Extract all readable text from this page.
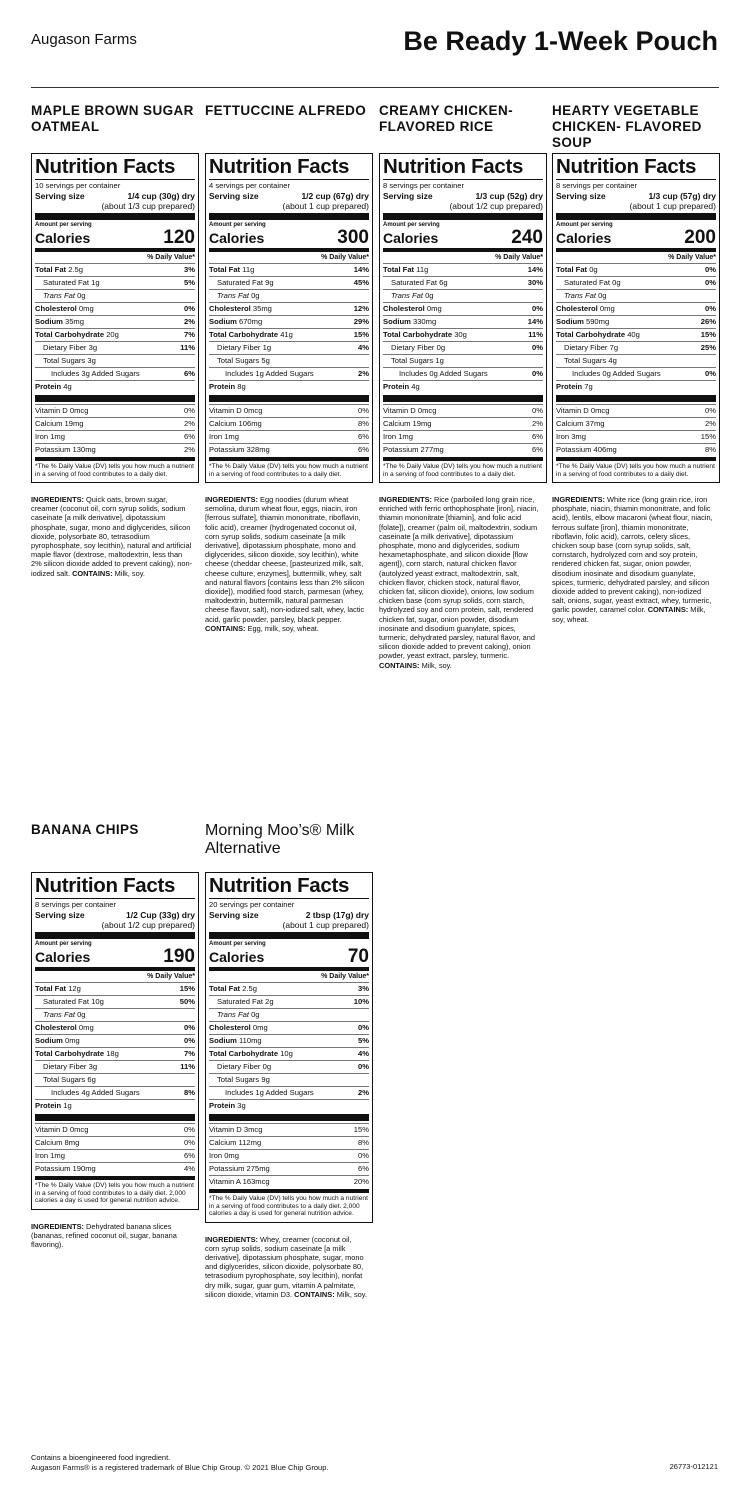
Augason Farms	Be Ready 1-Week Pouch
MAPLE BROWN SUGAR OATMEAL
Nutrition Facts
10 servings per container
Serving size	1/4 cup (30g) dry
(about 1/3 cup prepared)
Amount per serving
Calories	120
% Daily Value*
Total Fat 2.5g	3%
Saturated Fat 1g	5%
Trans Fat 0g
Cholesterol 0mg	0%
Sodium 35mg	2%
Total Carbohydrate 20g	7%
Dietary Fiber 3g	11%
Total Sugars 3g
Includes 3g Added Sugars	6%
Protein 4g
Vitamin D 0mcg	0%
Calcium 19mg	2%
Iron 1mg	6%
Potassium 130mg	2%
*The % Daily Value (DV) tells you how much a nutrient in a serving of food contributes to a daily diet.
INGREDIENTS: Quick oats, brown sugar, creamer (coconut oil, corn syrup solids, sodium caseinate [a milk derivative], dipotassium phosphate, sugar, mono and diglycerides, silicon dioxide, polysorbate 80, tetrasodium pyrophosphate, soy lecithin), natural and artificial maple flavor (dextrose, maltodextrin, less than 2% silicon dioxide added to prevent caking), non-iodized salt. CONTAINS: Milk, soy.
FETTUCCINE ALFREDO
Nutrition Facts
4 servings per container
Serving size	1/2 cup (67g) dry
(about 1 cup prepared)
Amount per serving
Calories	300
% Daily Value*
Total Fat 11g	14%
Saturated Fat 9g	45%
Trans Fat 0g
Cholesterol 35mg	12%
Sodium 670mg	29%
Total Carbohydrate 41g	15%
Dietary Fiber 1g	4%
Total Sugars 5g
Includes 1g Added Sugars	2%
Protein 8g
Vitamin D 0mcg	0%
Calcium 106mg	8%
Iron 1mg	6%
Potassium 328mg	6%
*The % Daily Value (DV) tells you how much a nutrient in a serving of food contributes to a daily diet.
INGREDIENTS: Egg noodies (durum wheat semolina, durum wheat flour, eggs, niacin, iron [ferrous sulfate], thiamin mononitrate, riboflavin, folic acid), creamer (hydrogenated coconut oil, corn syrup solids, sodium caseinate [a milk derivative], dipotassium phosphate, mono and diglycerides, silicon dioxide, soy lecithin), white cheese (cheddar cheese, [pasteurized milk, salt, cheese culture, enzymes], buttermilk, whey, salt and natural flavors [contains less than 2% silicon dioxide]), modified food starch, parmesan (whey, maltodextrin, buttermilk, natural parmesan cheese flavor, salt), non-iodized salt, whey, lactic acid, garlic powder, parsley, black pepper. CONTAINS: Egg, milk, soy, wheat.
CREAMY CHICKEN-FLAVORED RICE
Nutrition Facts
8 servings per container
Serving size	1/3 cup (52g) dry
(about 1/2 cup prepared)
Amount per serving
Calories	240
% Daily Value*
Total Fat 11g	14%
Saturated Fat 6g	30%
Trans Fat 0g
Cholesterol 0mg	0%
Sodium 330mg	14%
Total Carbohydrate 30g	11%
Dietary Fiber 0g	0%
Total Sugars 1g
Includes 0g Added Sugars	0%
Protein 4g
Vitamin D 0mcg	0%
Calcium 19mg	2%
Iron 1mg	6%
Potassium 277mg	6%
*The % Daily Value (DV) tells you how much a nutrient in a serving of food contributes to a daily diet.
INGREDIENTS: Rice (parboiled long grain rice, enriched with ferric orthophosphate [iron], niacin, thiamin mononitrate [thiamin], and folic acid [folate]), creamer (palm oil, maltodextrin, sodium caseinate [a milk derivative], dipotassium phosphate, mono and diglycerides, sodium hexametaphosphate, and silicon dioxide [flow agent]), corn starch, natural chicken flavor (autolyzed yeast extract, maltodextrin, salt, chicken flavor, chicken stock, natural flavor, chicken fat, silicon dioxide), onions, low sodium chicken base (corn syrup solids, corn starch, hydrolyzed soy and corn protein, salt, rendered chicken fat, sugar, onion powder, disodium inosinate and disodium guanylate, spices, turmeric, dehydrated parsley, natural flavor, and silicon dioxide added to prevent caking), onion powder, yeast extract, parsley, turmeric. CONTAINS: Milk, soy.
HEARTY VEGETABLE CHICKEN- FLAVORED SOUP
Nutrition Facts
8 servings per container
Serving size	1/3 cup (57g) dry
(about 1 cup prepared)
Amount per serving
Calories	200
% Daily Value*
Total Fat 0g	0%
Saturated Fat 0g	0%
Trans Fat 0g
Cholesterol 0mg	0%
Sodium 590mg	26%
Total Carbohydrate 40g	15%
Dietary Fiber 7g	25%
Total Sugars 4g
Includes 0g Added Sugars	0%
Protein 7g
Vitamin D 0mcg	0%
Calcium 37mg	2%
Iron 3mg	15%
Potassium 406mg	8%
*The % Daily Value (DV) tells you how much a nutrient in a serving of food contributes to a daily diet.
INGREDIENTS: White rice (long grain rice, iron phosphate, niacin, thiamin mononitrate, and folic acid), lentils, elbow macaroni (wheat flour, niacin, ferrous sulfate [iron], thiamin mononitrate, riboflavin, folic acid), carrots, celery slices, chicken soup base (corn syrup solids, salt, cornstarch, hydrolyzed corn and soy protein, rendered chicken fat, sugar, onion powder, disodium inosinate and disodium guanylate, spices, turmeric, dehydrated parsley, and silicon dioxide added to prevent caking), non-iodized salt, onions, sugar, yeast extract, whey, turmeric, garlic powder, caramel color. CONTAINS: Milk, soy, wheat.
BANANA CHIPS
Nutrition Facts
8 servings per container
Serving size	1/2 Cup (33g) dry
(about 1/2 cup prepared)
Amount per serving
Calories	190
% Daily Value*
Total Fat 12g	15%
Saturated Fat 10g	50%
Trans Fat 0g
Cholesterol 0mg	0%
Sodium 0mg	0%
Total Carbohydrate 18g	7%
Dietary Fiber 3g	11%
Total Sugars 6g
Includes 4g Added Sugars	8%
Protein 1g
Vitamin D 0mcg	0%
Calcium 8mg	0%
Iron 1mg	6%
Potassium 190mg	4%
*The % Daily Value (DV) tells you how much a nutrient in a serving of food contributes to a daily diet. 2,000 calories a day is used for general nutrition advice.
INGREDIENTS: Dehydrated banana slices (bananas, refined coconut oil, sugar, banana flavoring).
Morning Moo’s® Milk Alternative
Nutrition Facts
20 servings per container
Serving size	2 tbsp (17g) dry
(about 1 cup prepared)
Amount per serving
Calories	70
% Daily Value*
Total Fat 2.5g	3%
Saturated Fat 2g	10%
Trans Fat 0g
Cholesterol 0mg	0%
Sodium 110mg	5%
Total Carbohydrate 10g	4%
Dietary Fiber 0g	0%
Total Sugars 9g
Includes 1g Added Sugars	2%
Protein 3g
Vitamin D 3mcg	15%
Calcium 112mg	8%
Iron 0mg	0%
Potassium 275mg	6%
Vitamin A 163mcg	20%
*The % Daily Value (DV) tells you how much a nutrient in a serving of food contributes to a daily diet. 2,000 calories a day is used for general nutrition advice.
INGREDIENTS: Whey, creamer (coconut oil, corn syrup solids, sodium caseinate [a milk derivative], dipotassium phosphate, sugar, mono and diglycerides, silicon dioxide, polysorbate 80, tetrasodium pyrophosphate, soy lecithin), nonfat dry milk, sugar, guar gum, vitamin A palmitate, silicon dioxide, vitamin D3. CONTAINS: Milk, soy.
Contains a bioengineered food ingredient.
Augason Farms® is a registered trademark of Blue Chip Group. © 2021 Blue Chip Group.	26773-012121
